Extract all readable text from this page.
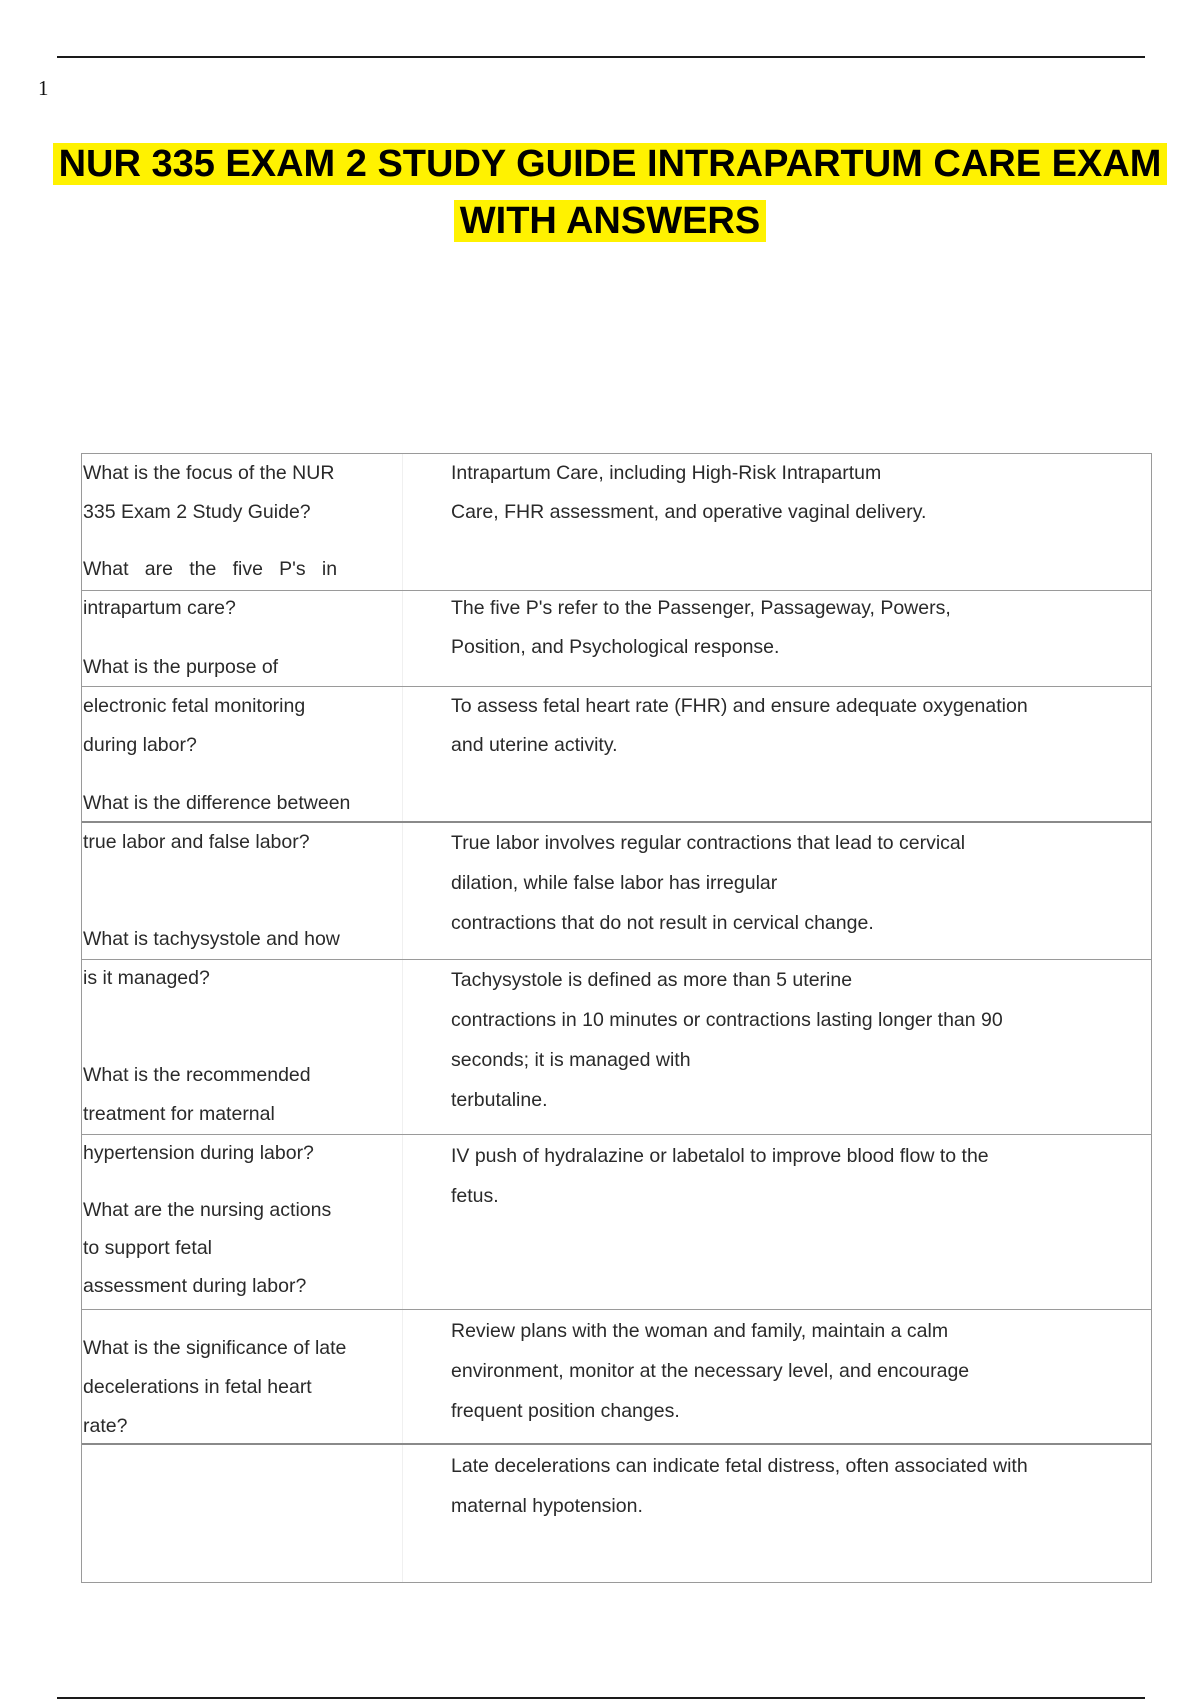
1
NUR 335 EXAM 2 STUDY GUIDE INTRAPARTUM CARE EXAM
WITH ANSWERS
What is the focus of the NUR
335 Exam 2 Study Guide?
What   are   the   five   P's   in
intrapartum care?
What is the purpose of
electronic fetal monitoring
during labor?
What is the difference between
true labor and false labor?
What is tachysystole and how
is it managed?
What is the recommended
treatment for maternal
hypertension during labor?
What are the nursing actions
to support fetal
assessment during labor?
What is the significance of late
decelerations in fetal heart
rate?
Intrapartum Care, including High-Risk Intrapartum
Care, FHR assessment, and operative vaginal delivery.
The five P's refer to the Passenger, Passageway, Powers,
Position, and Psychological response.
To assess fetal heart rate (FHR) and ensure adequate oxygenation
and uterine activity.
True labor involves regular contractions that lead to cervical
dilation, while false labor has irregular
contractions that do not result in cervical change.
Tachysystole is defined as more than 5 uterine
contractions in 10 minutes or contractions lasting longer than 90
seconds; it is managed with
terbutaline.
IV push of hydralazine or labetalol to improve blood flow to the
fetus.
Review plans with the woman and family, maintain a calm
environment, monitor at the necessary level, and encourage
frequent position changes.
Late decelerations can indicate fetal distress, often associated with
maternal hypotension.
